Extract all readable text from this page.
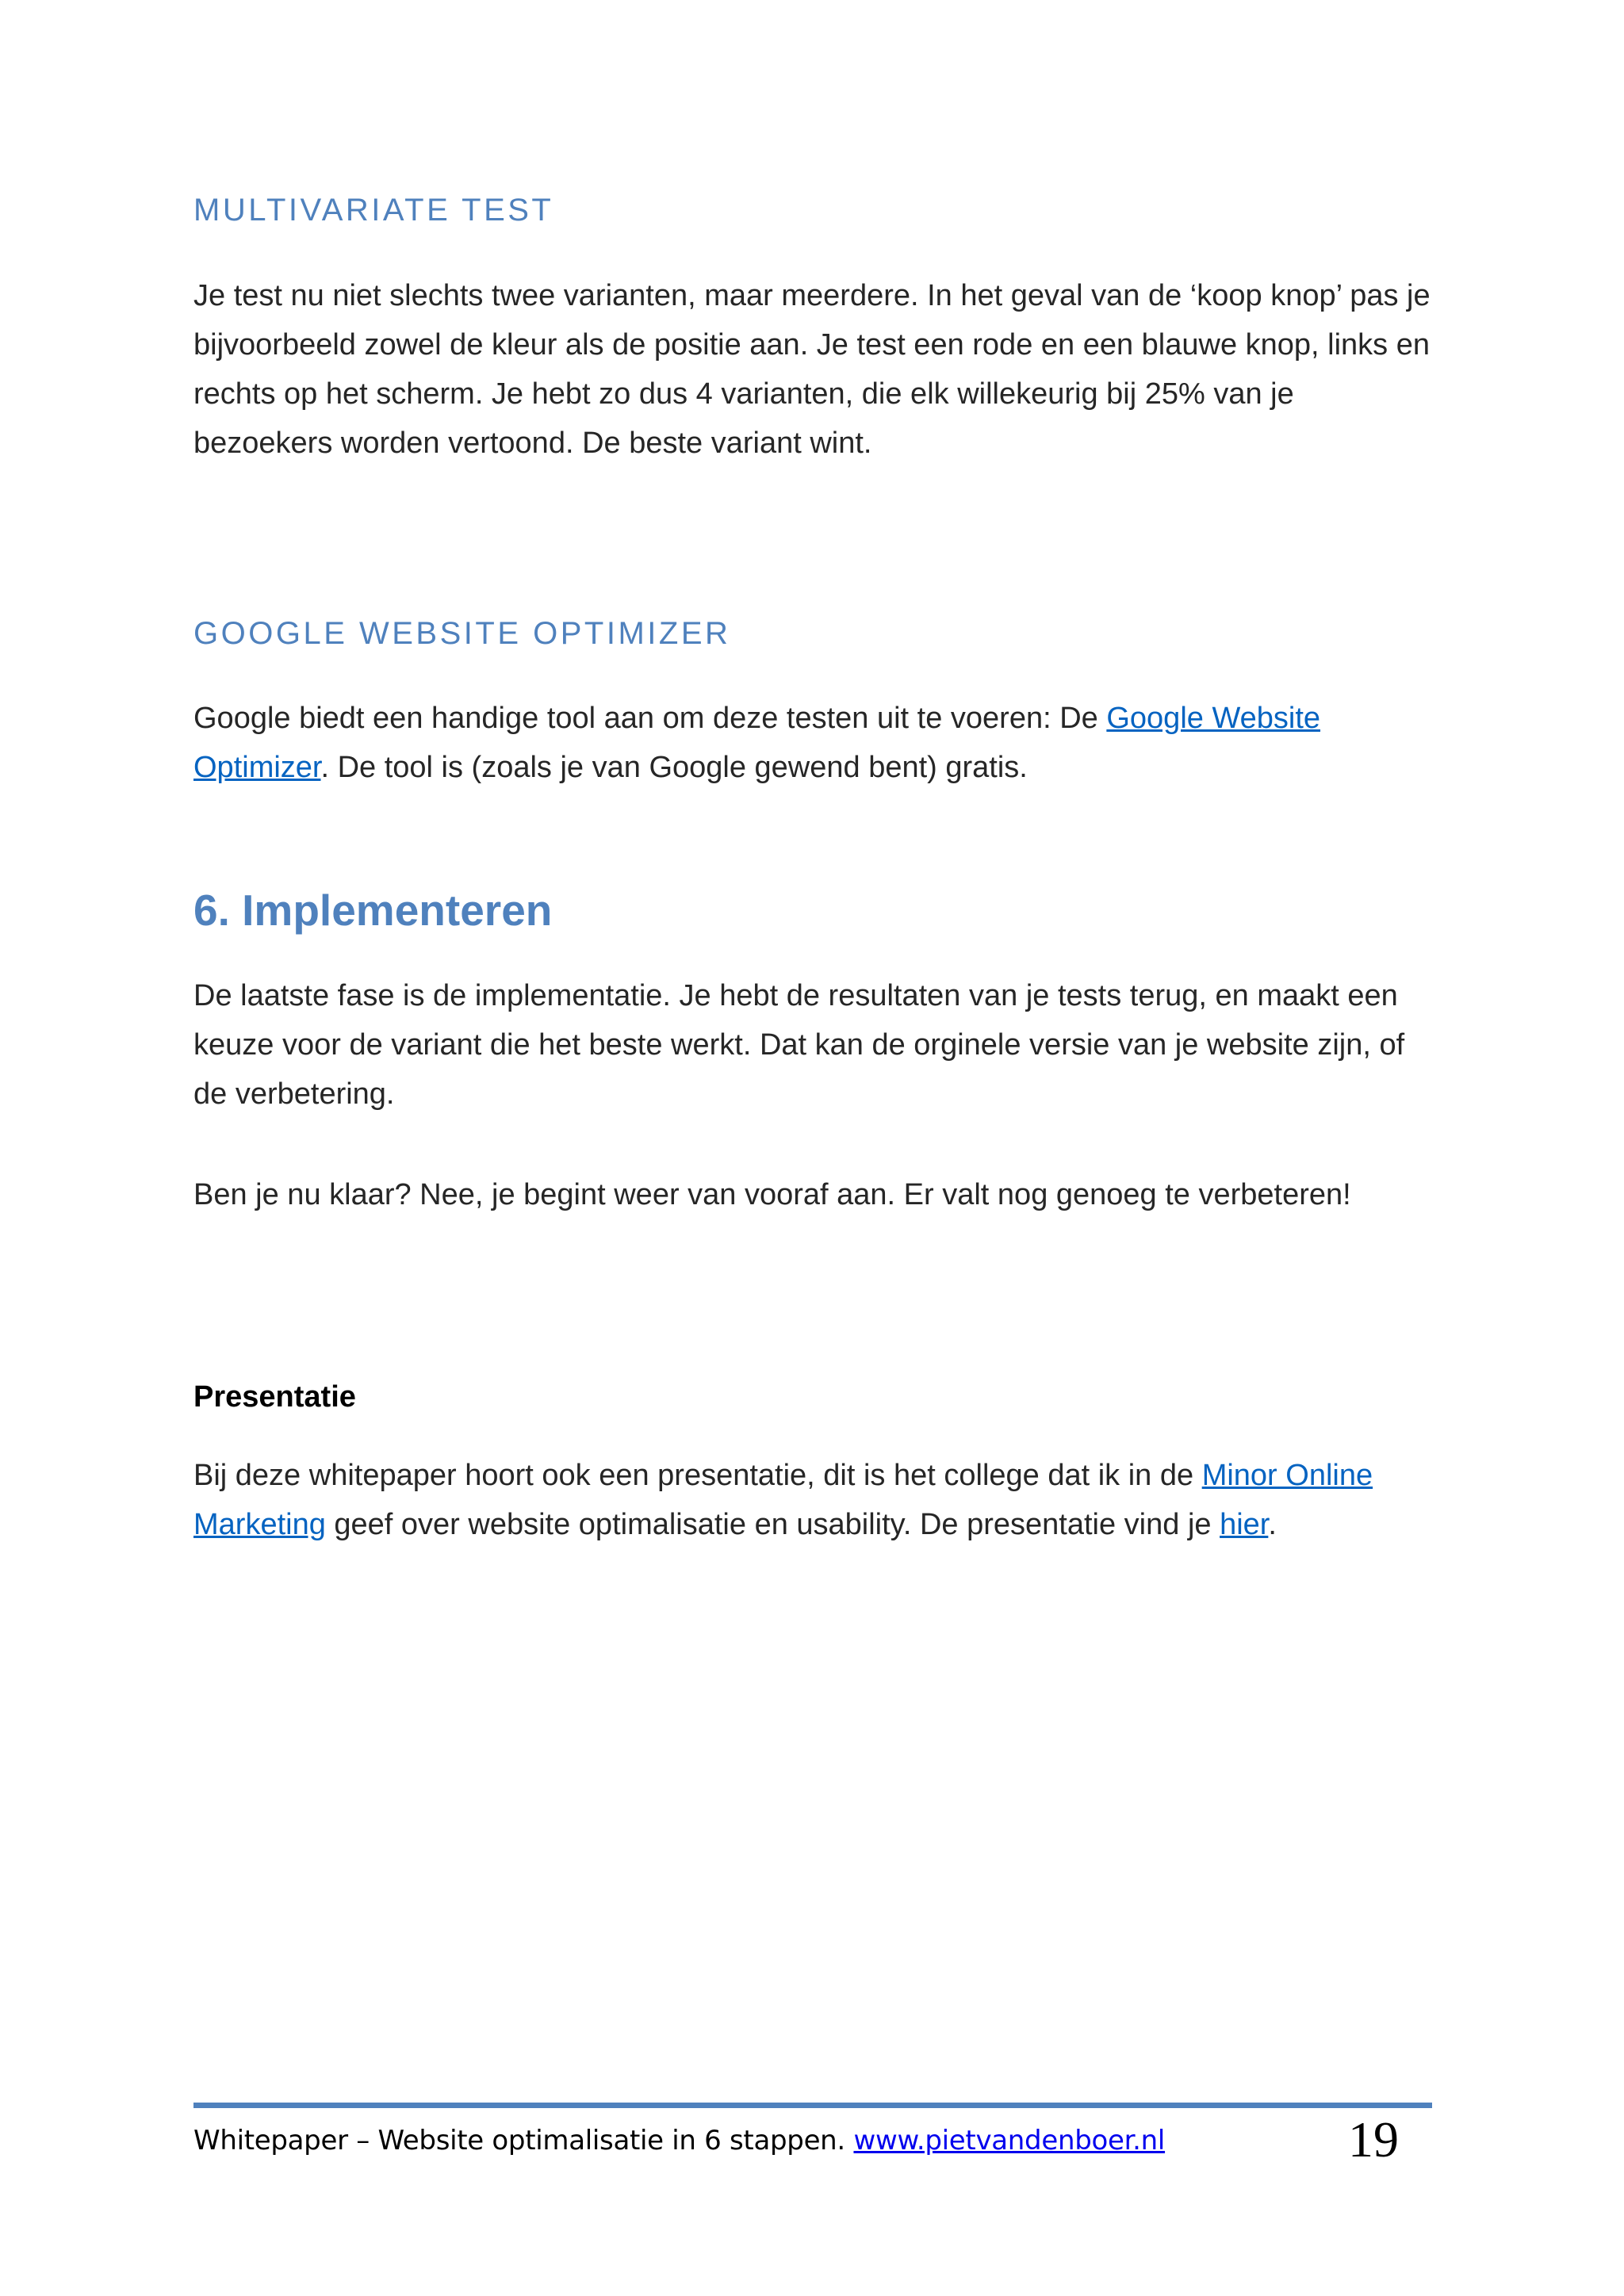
MULTIVARIATE TEST

Je test nu niet slechts twee varianten, maar meerdere. In het geval van de ‘koop knop’ pas je bijvoorbeeld zowel de kleur als de positie aan. Je test een rode en een blauwe knop, links en rechts op het scherm. Je hebt zo dus 4 varianten, die elk willekeurig bij 25% van je bezoekers worden vertoond. De beste variant wint.

GOOGLE WEBSITE OPTIMIZER

Google biedt een handige tool aan om deze testen uit te voeren: De Google Website Optimizer. De tool is (zoals je van Google gewend bent) gratis.

6. Implementeren

De laatste fase is de implementatie. Je hebt de resultaten van je tests terug, en maakt een keuze voor de variant die het beste werkt. Dat kan de orginele versie van je website zijn, of de verbetering.

Ben je nu klaar? Nee, je begint weer van vooraf aan. Er valt nog genoeg te verbeteren!

Presentatie

Bij deze whitepaper hoort ook een presentatie, dit is het college dat ik in de Minor Online Marketing geef over website optimalisatie en usability. De presentatie vind je hier.

Whitepaper – Website optimalisatie in 6 stappen. www.pietvandenboer.nl	19
